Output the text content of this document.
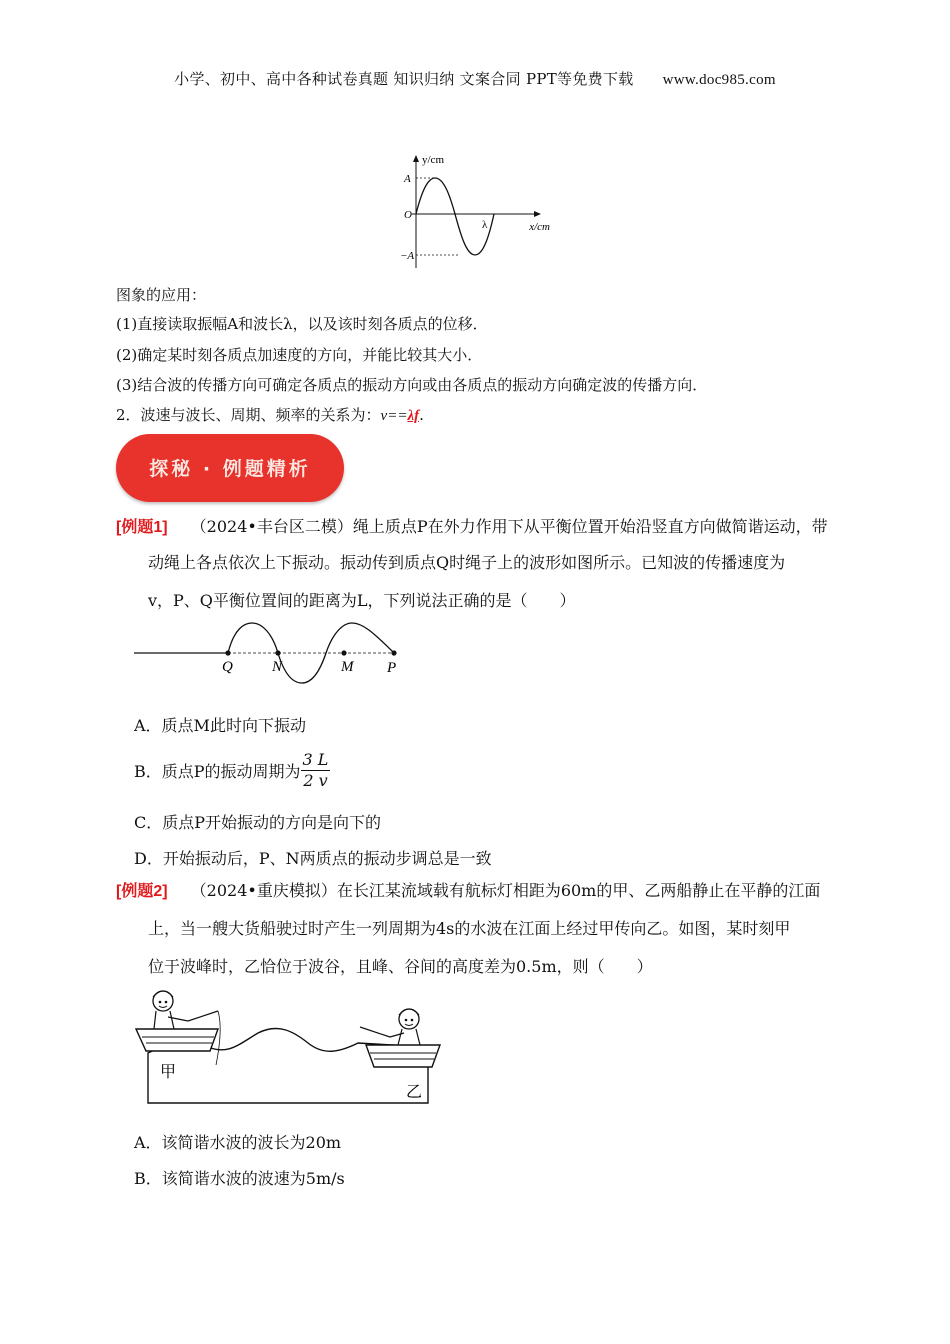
小学、初中、高中各种试卷真题 知识归纳 文案合同 PPT等免费下载 www.doc985.com
y/cm
x/cm
A
O
−A
λ
图象的应用：
(1)直接读取振幅A和波长λ，以及该时刻各质点的位移．
(2)确定某时刻各质点加速度的方向，并能比较其大小．
(3)结合波的传播方向可确定各质点的振动方向或由各质点的振动方向确定波的传播方向．
2．波速与波长、周期、频率的关系为：v==λf.
探秘 · 例题精析
[例题1] （2024•丰台区二模）绳上质点P在外力作用下从平衡位置开始沿竖直方向做简谐运动，带
动绳上各点依次上下振动。振动传到质点Q时绳子上的波形如图所示。已知波的传播速度为
v，P、Q平衡位置间的距离为L，下列说法正确的是（　　）
Q	N	M P
A．质点M此时向下振动
B．质点P的振动周期为 $\frac{3 L}{2 v}$
C．质点P开始振动的方向是向下的
D．开始振动后，P、N两质点的振动步调总是一致
[例题2] （2024•重庆模拟）在长江某流域载有航标灯相距为60m的甲、乙两船静止在平静的江面
上，当一艘大货船驶过时产生一列周期为4s的水波在江面上经过甲传向乙。如图，某时刻甲
位于波峰时，乙恰位于波谷，且峰、谷间的高度差为0.5m，则（　　）
甲
乙
A．该简谐水波的波长为20m
B．该简谐水波的波速为5m/s
